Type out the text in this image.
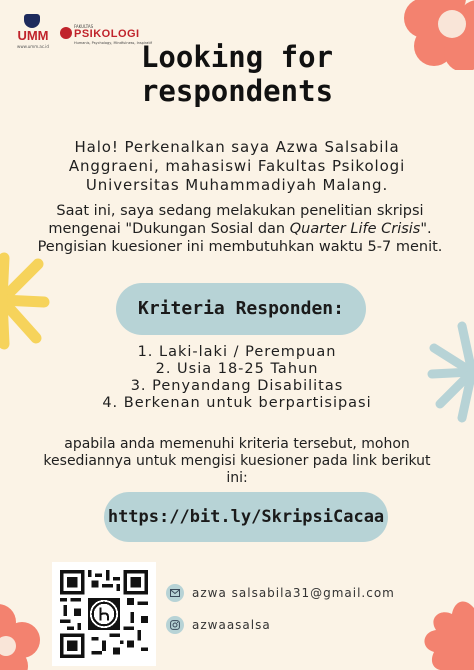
UMM
www.umm.ac.id
FAKULTAS
PSIKOLOGI
Humanis, Psychology, Mindfulness, Inspiratif
Looking for
respondents
Halo! Perkenalkan saya Azwa Salsabila Anggraeni, mahasiswi Fakultas Psikologi Universitas Muhammadiyah Malang.
Saat ini, saya sedang melakukan penelitian skripsi mengenai "Dukungan Sosial dan Quarter Life Crisis". Pengisian kuesioner ini membutuhkan waktu 5-7 menit.
Kriteria Responden:
1. Laki-laki / Perempuan
2. Usia 18-25 Tahun
3. Penyandang Disabilitas
4. Berkenan untuk berpartisipasi
apabila anda memenuhi kriteria tersebut, mohon kesediannya untuk mengisi kuesioner pada link berikut ini:
https://bit.ly/SkripsiCacaa
azwa salsabila31@gmail.com
azwaasalsa
